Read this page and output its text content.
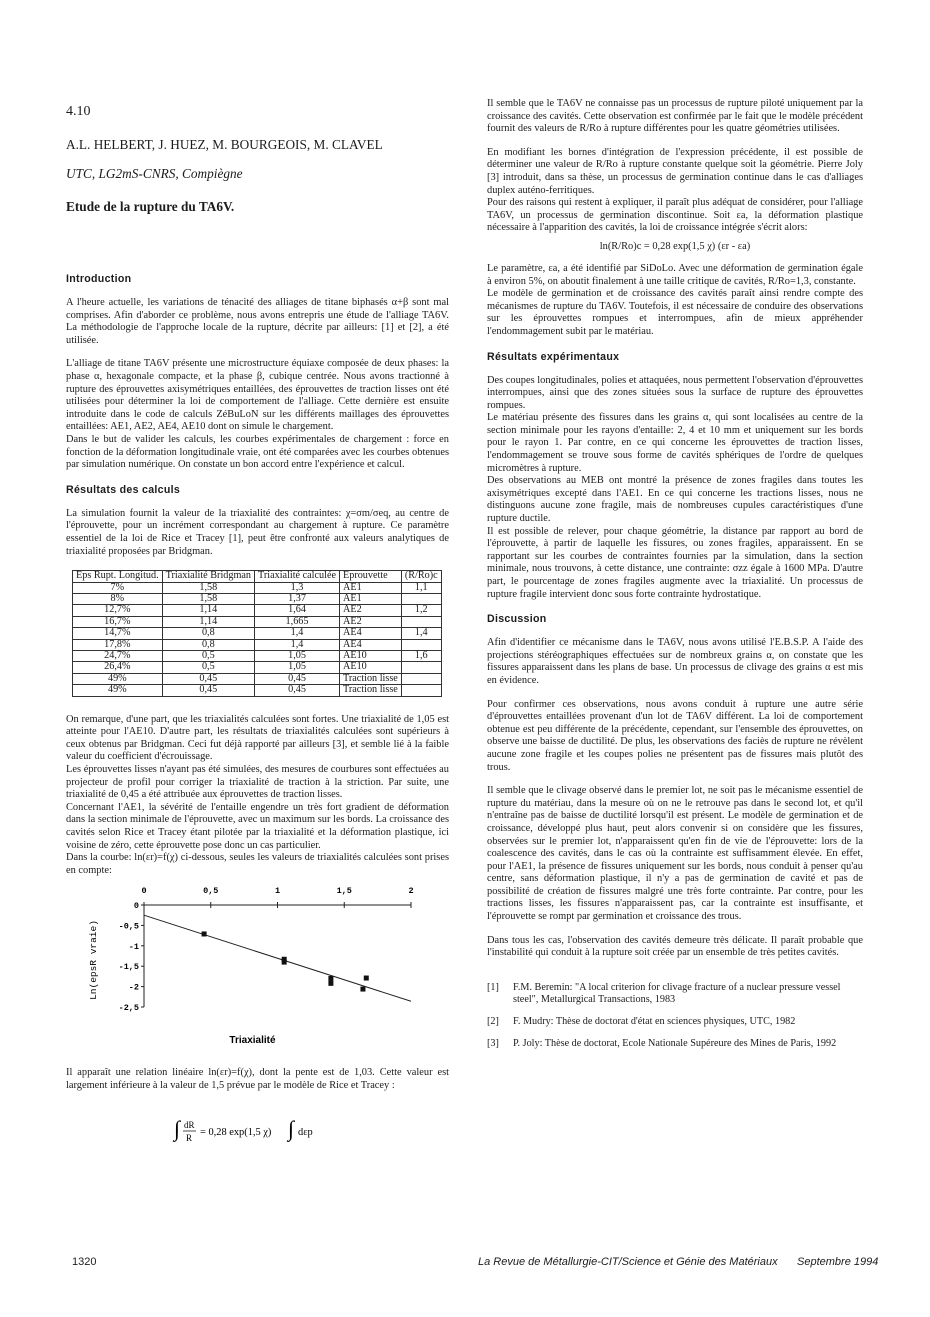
4.10
A.L. HELBERT, J. HUEZ, M. BOURGEOIS, M. CLAVEL
UTC, LG2mS-CNRS, Compiègne
Etude de la rupture du TA6V.
Introduction

A l'heure actuelle, les variations de ténacité des alliages de titane biphasés α+β sont mal comprises. Afin d'aborder ce problème, nous avons entrepris une étude de l'alliage TA6V. La méthodologie de l'approche locale de la rupture, décrite par ailleurs: [1] et [2], a été utilisée.

L'alliage de titane TA6V présente une microstructure équiaxe composée de deux phases: la phase α, hexagonale compacte, et la phase β, cubique centrée. Nous avons tractionné à rupture des éprouvettes axisymétriques entaillées, des éprouvettes de traction lisses ont été utilisées pour déterminer la loi de comportement de l'alliage. Cette dernière est ensuite introduite dans le code de calculs ZéBuLoN sur les différents maillages des éprouvettes entaillées: AE1, AE2, AE4, AE10 dont on simule le chargement.

Dans le but de valider les calculs, les courbes expérimentales de chargement : force en fonction de la déformation longitudinale vraie, ont été comparées avec les courbes obtenues par simulation numérique. On constate un bon accord entre l'expérience et calcul.

Résultats des calculs

La simulation fournit la valeur de la triaxialité des contraintes: χ=σm/σeq, au centre de l'éprouvette, pour un incrément correspondant au chargement à rupture. Ce paramètre essentiel de la loi de Rice et Tracey [1], peut être confronté aux valeurs analytiques de triaxialité proposées par Bridgman.

Eps Rupt. Longitud.	Triaxialité Bridgman	Triaxialité calculée	Eprouvette	(R/Ro)c
7%	1,58	1,3	AE1	1,1
8%	1,58	1,37	AE1	
12,7%	1,14	1,64	AE2	1,2
16,7%	1,14	1,665	AE2	
14,7%	0,8	1,4	AE4	1,4
17,8%	0,8	1,4	AE4	
24,7%	0,5	1,05	AE10	1,6
26,4%	0,5	1,05	AE10	
49%	0,45	0,45	Traction lisse	
49%	0,45	0,45	Traction lisse	

On remarque, d'une part, que les triaxialités calculées sont fortes. Une triaxialité de 1,05 est atteinte pour l'AE10. D'autre part, les résultats de triaxialités calculées sont supérieurs à ceux obtenus par Bridgman. Ceci fut déjà rapporté par ailleurs [3], et semble lié à la faible valeur du coefficient d'écrouissage.

Les éprouvettes lisses n'ayant pas été simulées, des mesures de courbures sont effectuées au projecteur de profil pour corriger la triaxialité de traction à la striction. Par suite, une triaxialité de 0,45 a été attribuée aux éprouvettes de traction lisses.

Concernant l'AE1, la sévérité de l'entaille engendre un très fort gradient de déformation dans la section minimale de l'éprouvette, avec un maximum sur les bords. La croissance des cavités selon Rice et Tracey étant pilotée par la triaxialité et la déformation plastique, ici voisine de zéro, cette éprouvette pose donc un cas particulier.

Dans la courbe: ln(εr)=f(χ) ci-dessous, seules les valeurs de triaxialités calculées sont prises en compte:

0	0,5	1	1,5	2
0
-0,5
-1
-1,5
-2
-2,5
Triaxialité
Ln(epsR vraie)

Il apparaît une relation linéaire ln(εr)=f(χ), dont la pente est de 1,03. Cette valeur est largement inférieure à la valeur de 1,5 prévue par le modèle de Rice et Tracey :

∫ dR
R = 0,28 exp(1,5 χ) ∫ dεp

Il semble que le TA6V ne connaisse pas un processus de rupture piloté uniquement par la croissance des cavités. Cette observation est confirmée par le fait que le modèle précédent fournit des valeurs de R/Ro à rupture différentes pour les quatre géométries utilisées.

En modifiant les bornes d'intégration de l'expression précédente, il est possible de déterminer une valeur de R/Ro à rupture constante quelque soit la géométrie. Pierre Joly [3] introduit, dans sa thèse, un processus de germination continue dans le cas d'alliages duplex auténo-ferritiques.

Pour des raisons qui restent à expliquer, il paraît plus adéquat de considérer, pour l'alliage TA6V, un processus de germination discontinue. Soit εa, la déformation plastique nécessaire à l'apparition des cavités, la loi de croissance intégrée s'écrit alors:

ln(R/Ro)c = 0,28 exp(1,5 χ) (εr - εa)

Le paramètre, εa, a été identifié par SiDoLo. Avec une déformation de germination égale à environ 5%, on aboutit finalement à une taille critique de cavités, R/Ro=1,3, constante.

Le modèle de germination et de croissance des cavités paraît ainsi rendre compte des mécanismes de rupture du TA6V. Toutefois, il est nécessaire de conduire des observations sur les éprouvettes rompues et interrompues, afin de mieux appréhender l'endommagement subit par le matériau.

Résultats expérimentaux

Des coupes longitudinales, polies et attaquées, nous permettent l'observation d'éprouvettes interrompues, ainsi que des zones situées sous la surface de rupture des éprouvettes rompues.

Le matériau présente des fissures dans les grains α, qui sont localisées au centre de la section minimale pour les rayons d'entaille: 2, 4 et 10 mm et uniquement sur les bords pour le rayon 1. Par contre, en ce qui concerne les éprouvettes de traction lisses, l'endommagement se trouve sous forme de cavités sphériques de l'ordre de quelques micromètres à rupture.

Des observations au MEB ont montré la présence de zones fragiles dans toutes les axisymétriques excepté dans l'AE1. En ce qui concerne les tractions lisses, nous ne distinguons aucune zone fragile, mais de nombreuses cupules caractéristiques d'une rupture ductile.

Il est possible de relever, pour chaque géométrie, la distance par rapport au bord de l'éprouvette, à partir de laquelle les fissures, ou zones fragiles, apparaissent. En se rapportant sur les courbes de contraintes fournies par la simulation, dans la section minimale, nous trouvons, à cette distance, une contrainte: σzz égale à 1600 MPa. D'autre part, le pourcentage de zones fragiles augmente avec la triaxialité. Un processus de rupture fragile intervient donc sous forte contrainte hydrostatique.

Discussion

Afin d'identifier ce mécanisme dans le TA6V, nous avons utilisé l'E.B.S.P. A l'aide des projections stéréographiques effectuées sur de nombreux grains α, on constate que les fissures apparaissent dans les plans de base. Un processus de clivage des grains α est mis en évidence.

Pour confirmer ces observations, nous avons conduit à rupture une autre série d'éprouvettes entaillées provenant d'un lot de TA6V différent. La loi de comportement obtenue est peu différente de la précédente, cependant, sur l'ensemble des éprouvettes, on observe une baisse de ductilité. De plus, les observations des faciès de rupture ne révèlent aucune zone fragile et les coupes polies ne présentent pas de fissures mais plutôt des trous.

Il semble que le clivage observé dans le premier lot, ne soit pas le mécanisme essentiel de rupture du matériau, dans la mesure où on ne le retrouve pas dans le second lot, et qu'il n'entraîne pas de baisse de ductilité lorsqu'il est présent. Le modèle de germination et de croissance, développé plus haut, peut alors convenir si on considère que les fissures, observées sur le premier lot, n'apparaissent qu'en fin de vie de l'éprouvette: lors de la coalescence des cavités, dans le cas où la contrainte est suffisamment élevée. En effet, pour l'AE1, la présence de fissures uniquement sur les bords, nous conduit à penser qu'au centre, sans déformation plastique, il n'y a pas de germination de cavité et pas de possibilité de création de fissures malgré une très forte contrainte. Par contre, pour les tractions lisses, les fissures n'apparaissent pas, car la contrainte est insuffisante, et l'éprouvette se rompt par germination et croissance des trous.

Dans tous les cas, l'observation des cavités demeure très délicate. Il paraît probable que l'instabilité qui conduit à la rupture soit créée par un ensemble de très petites cavités.

[1]	F.M. Beremin: "A local criterion for clivage fracture of a nuclear pressure vessel steel", Metallurgical Transactions, 1983
[2]	F. Mudry: Thèse de doctorat d'état en sciences physiques, UTC, 1982
[3]	P. Joly: Thèse de doctorat, Ecole Nationale Supéreure des Mines de Paris, 1992
1320	La Revue de Métallurgie-CIT/Science et Génie des Matériaux Septembre 1994
